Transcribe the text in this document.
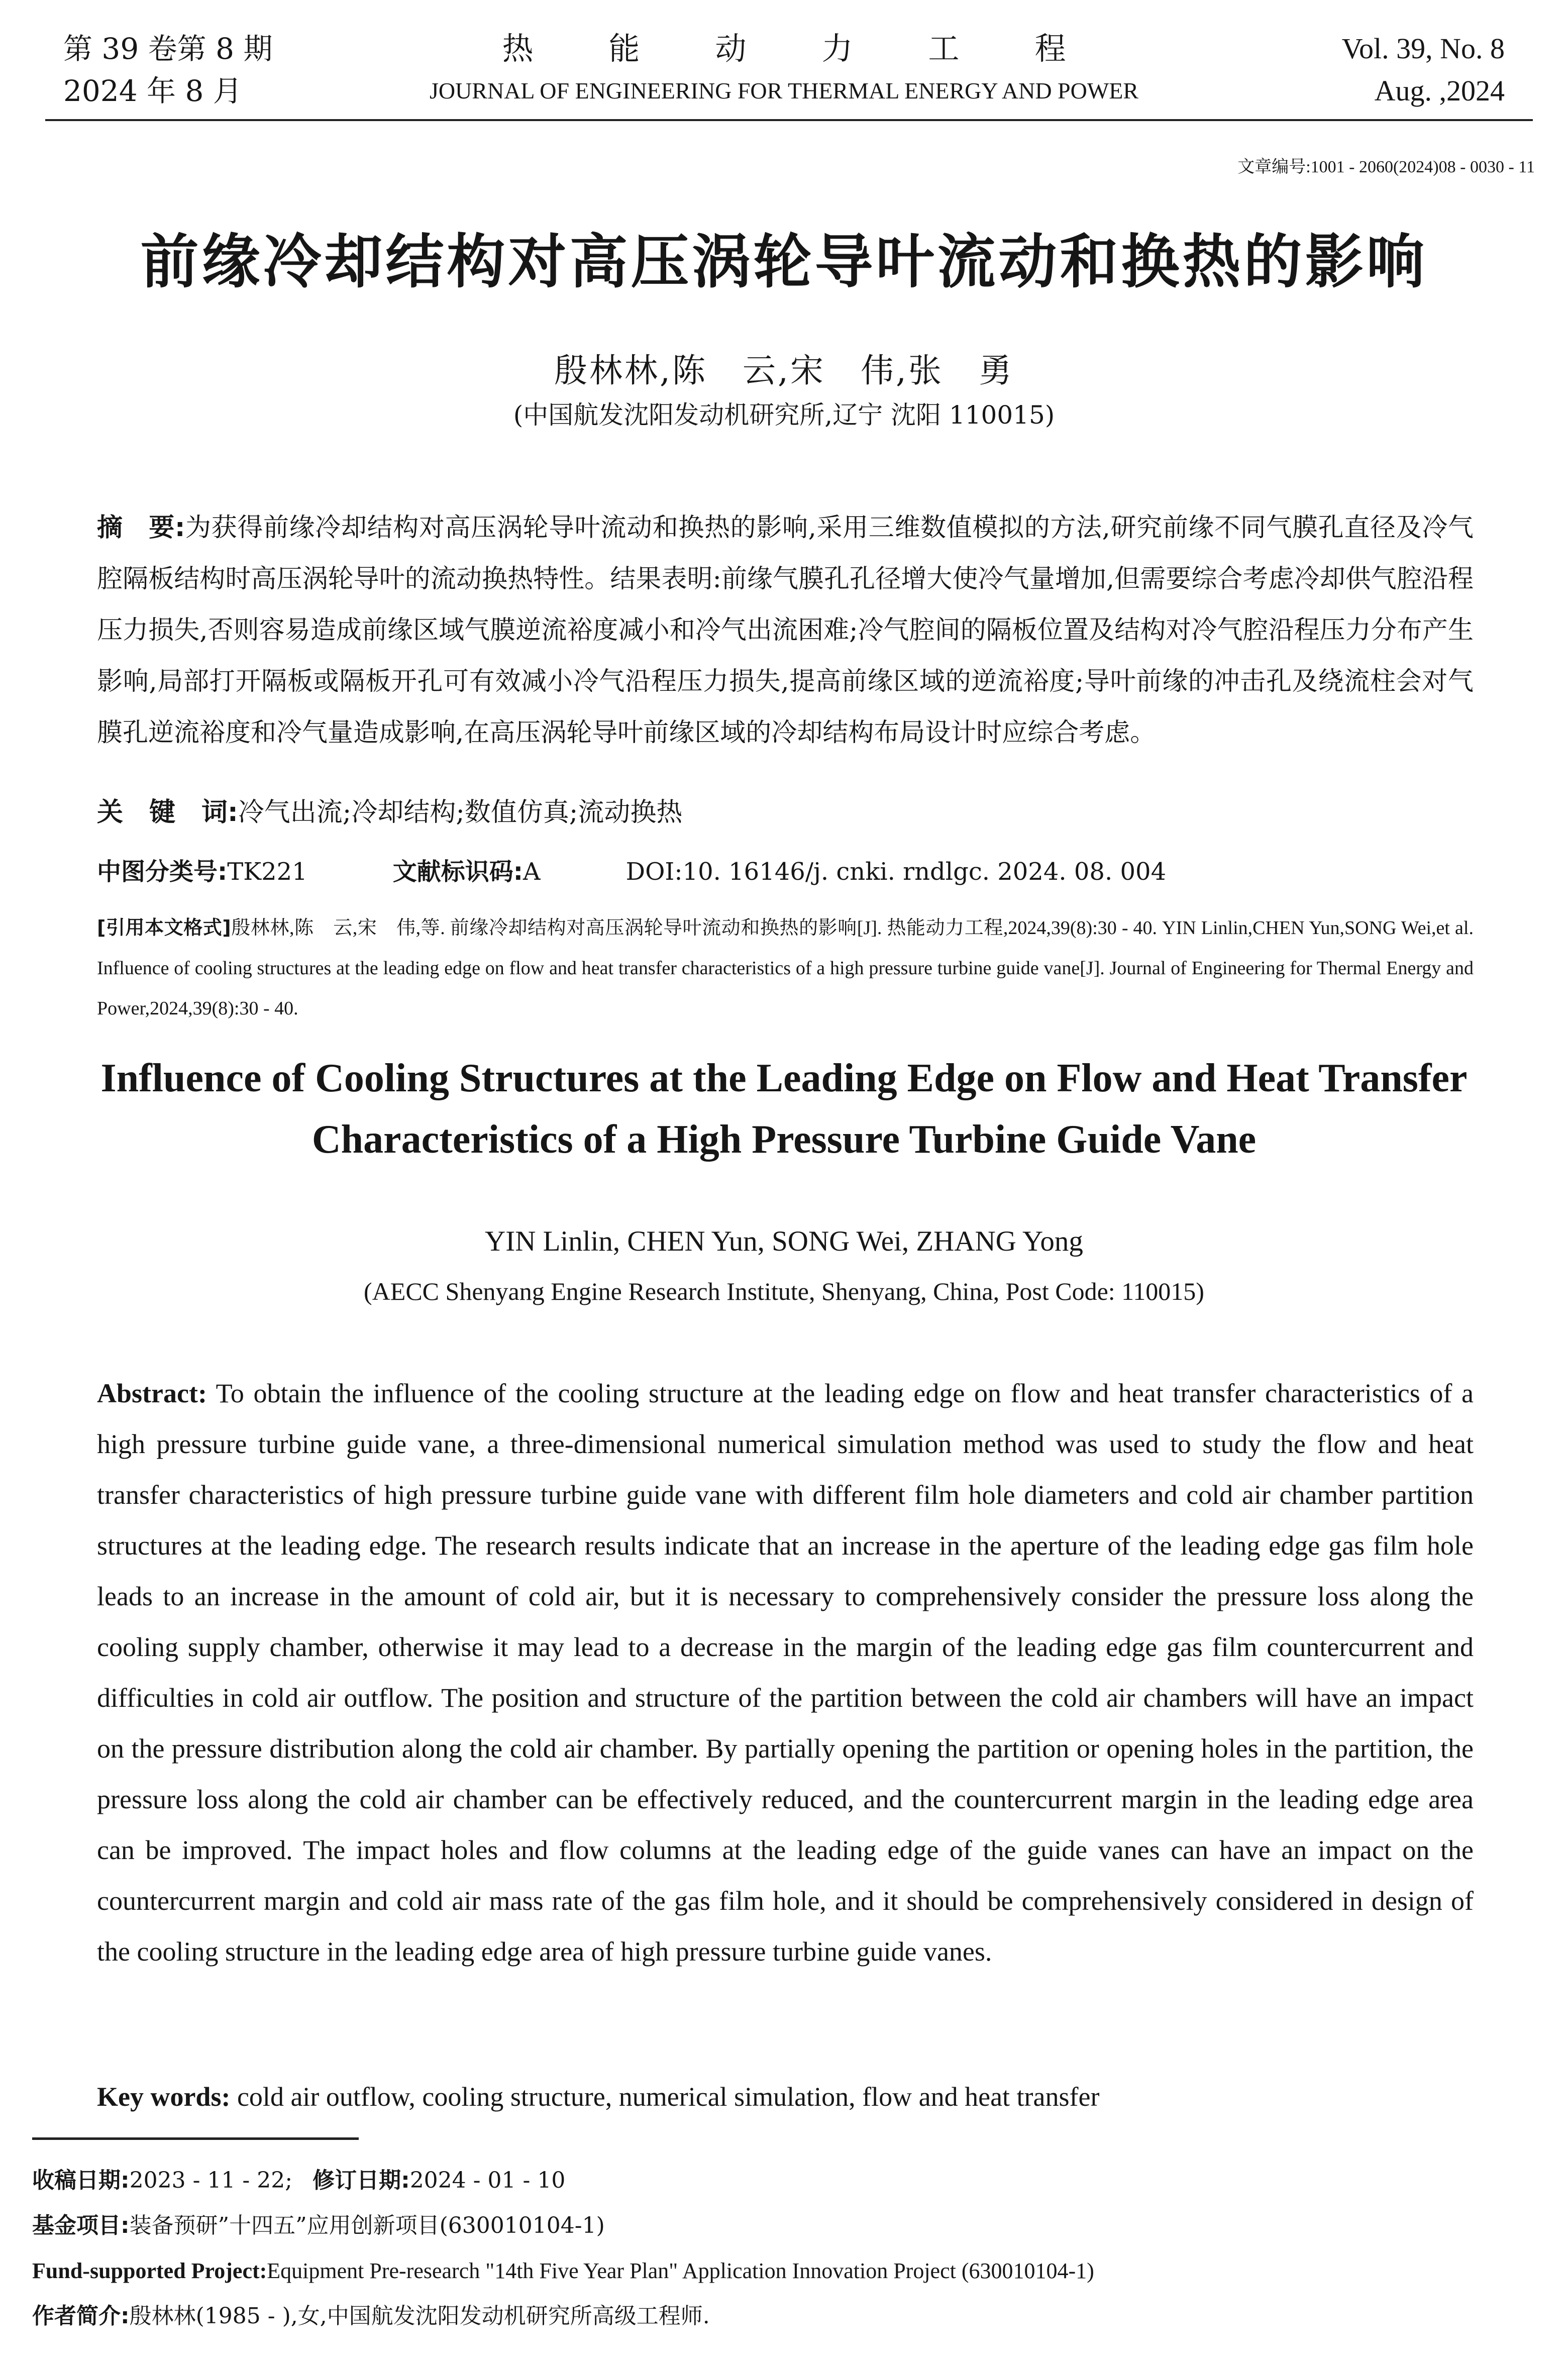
第 39 卷第 8 期
2024 年 8 月
热能动力工程
JOURNAL OF ENGINEERING FOR THERMAL ENERGY AND POWER
Vol. 39, No. 8
Aug. ,2024
文章编号:1001 - 2060(2024)08 - 0030 - 11
前缘冷却结构对高压涡轮导叶流动和换热的影响
殷林林,陈　云,宋　伟,张　勇
(中国航发沈阳发动机研究所,辽宁 沈阳 110015)
摘　要:为获得前缘冷却结构对高压涡轮导叶流动和换热的影响,采用三维数值模拟的方法,研究前缘不同气膜孔直径及冷气腔隔板结构时高压涡轮导叶的流动换热特性。结果表明:前缘气膜孔孔径增大使冷气量增加,但需要综合考虑冷却供气腔沿程压力损失,否则容易造成前缘区域气膜逆流裕度减小和冷气出流困难;冷气腔间的隔板位置及结构对冷气腔沿程压力分布产生影响,局部打开隔板或隔板开孔可有效减小冷气沿程压力损失,提高前缘区域的逆流裕度;导叶前缘的冲击孔及绕流柱会对气膜孔逆流裕度和冷气量造成影响,在高压涡轮导叶前缘区域的冷却结构布局设计时应综合考虑。
关　键　词:冷气出流;冷却结构;数值仿真;流动换热
中图分类号:TK221	文献标识码:A	DOI:10. 16146/j. cnki. rndlgc. 2024. 08. 004
[引用本文格式]殷林林,陈　云,宋　伟,等. 前缘冷却结构对高压涡轮导叶流动和换热的影响[J]. 热能动力工程,2024,39(8):30 - 40. YIN Linlin,CHEN Yun,SONG Wei,et al. Influence of cooling structures at the leading edge on flow and heat transfer characteristics of a high pressure turbine guide vane[J]. Journal of Engineering for Thermal Energy and Power,2024,39(8):30 - 40.
Influence of Cooling Structures at the Leading Edge on Flow and Heat Transfer Characteristics of a High Pressure Turbine Guide Vane
YIN Linlin, CHEN Yun, SONG Wei, ZHANG Yong
(AECC Shenyang Engine Research Institute, Shenyang, China, Post Code: 110015)
Abstract: To obtain the influence of the cooling structure at the leading edge on flow and heat transfer characteristics of a high pressure turbine guide vane, a three-dimensional numerical simulation method was used to study the flow and heat transfer characteristics of high pressure turbine guide vane with different film hole diameters and cold air chamber partition structures at the leading edge. The research results indicate that an increase in the aperture of the leading edge gas film hole leads to an increase in the amount of cold air, but it is necessary to comprehensively consider the pressure loss along the cooling supply chamber, otherwise it may lead to a decrease in the margin of the leading edge gas film countercurrent and difficulties in cold air outflow. The position and structure of the partition between the cold air chambers will have an impact on the pressure distribution along the cold air chamber. By partially opening the partition or opening holes in the partition, the pressure loss along the cold air chamber can be effectively reduced, and the countercurrent margin in the leading edge area can be improved. The impact holes and flow columns at the leading edge of the guide vanes can have an impact on the countercurrent margin and cold air mass rate of the gas film hole, and it should be comprehensively considered in design of the cooling structure in the leading edge area of high pressure turbine guide vanes.
Key words: cold air outflow, cooling structure, numerical simulation, flow and heat transfer
收稿日期:2023 - 11 - 22; 修订日期:2024 - 01 - 10
基金项目:装备预研”十四五”应用创新项目(630010104-1)
Fund-supported Project:Equipment Pre-research "14th Five Year Plan" Application Innovation Project (630010104-1)
作者简介:殷林林(1985 - ),女,中国航发沈阳发动机研究所高级工程师.
